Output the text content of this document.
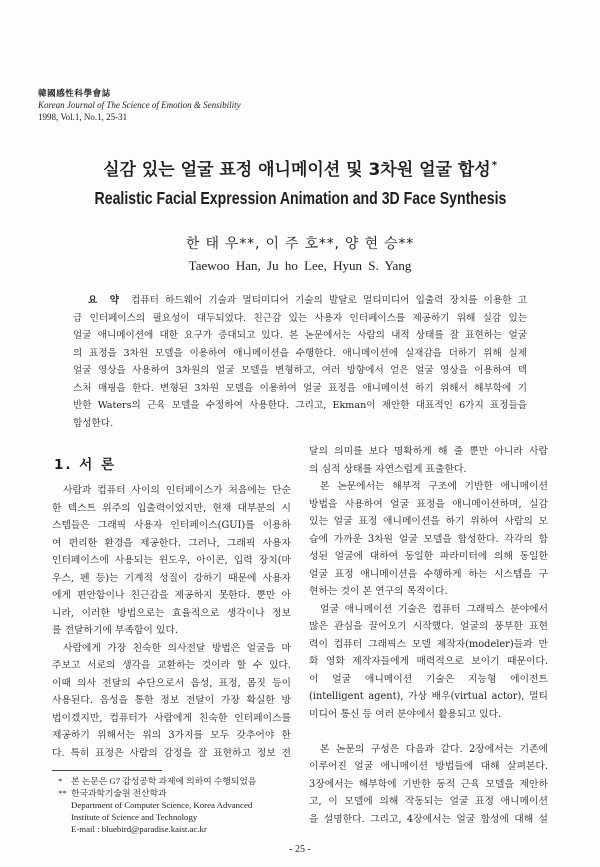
韓國感性科學會誌
Korean Journal of The Science of Emotion & Sensibility
1998, Vol.1, No.1, 25-31
실감 있는 얼굴 표정 애니메이션 및 3차원 얼굴 합성*
Realistic Facial Expression Animation and 3D Face Synthesis
한 태 우**, 이 주 호**, 양 현 승**
Taewoo Han, Ju ho Lee, Hyun S. Yang
요 약 컴퓨터 하드웨어 기술과 멀티미디어 기술의 발달로 멀티미디어 입출력 장치를 이용한 고
급 인터페이스의 필요성이 대두되었다. 친근감 있는 사용자 인터페이스를 제공하기 위해 실감 있는
얼굴 애니메이션에 대한 요구가 증대되고 있다. 본 논문에서는 사람의 내적 상태를 잘 표현하는 얼굴
의 표정을 3차원 모델을 이용하여 애니메이션을 수행한다. 애니메이션에 실재감을 더하기 위해 실제
얼굴 영상을 사용하여 3차원의 얼굴 모델을 변형하고, 여러 방향에서 얻은 얼굴 영상을 이용하여 텍
스처 매핑을 한다. 변형된 3차원 모델을 이용하여 얼굴 표정을 애니메이션 하기 위해서 해부학에 기
반한 Waters의 근육 모델을 수정하여 사용한다. 그리고, Ekman이 제안한 대표적인 6가지 표정들을
합성한다.
1. 서 론
사람과 컴퓨터 사이의 인터페이스가 처음에는 단순
한 텍스트 위주의 입출력이었지만, 현재 대부분의 시
스템들은 그래픽 사용자 인터페이스(GUI)를 이용하
여 편리한 환경을 제공한다. 그러나, 그래픽 사용자
인터페이스에 사용되는 윈도우, 아이콘, 입력 장치(마
우스, 펜 등)는 기계적 성질이 강하기 때문에 사용자
에게 편안함이나 친근감을 제공하지 못한다. 뿐만 아
니라, 이러한 방법으로는 효율적으로 생각이나 정보
를 전달하기에 부족함이 있다.
사람에게 가장 친숙한 의사전달 방법은 얼굴을 마
주보고 서로의 생각을 교환하는 것이라 할 수 있다.
이때 의사 전달의 수단으로서 음성, 표정, 몸짓 등이
사용된다. 음성을 통한 정보 전달이 가장 확실한 방
법이겠지만, 컴퓨터가 사람에게 친숙한 인터페이스를
제공하기 위해서는 위의 3가지를 모두 갖추어야 한
다. 특히 표정은 사람의 감정을 잘 표현하고 정보 전
달의 의미를 보다 명확하게 해 줄 뿐만 아니라 사람
의 심적 상태를 자연스럽게 표출한다.
본 논문에서는 해부적 구조에 기반한 애니메이션
방법을 사용하여 얼굴 표정을 애니메이션하며, 실감
있는 얼굴 표정 애니메이션을 하기 위하여 사람의 모
습에 가까운 3차원 얼굴 모델을 합성한다. 각각의 합
성된 얼굴에 대하여 동일한 파라미터에 의해 동일한
얼굴 표정 애니메이션을 수행하게 하는 시스템을 구
현하는 것이 본 연구의 목적이다.
얼굴 애니메이션 기술은 컴퓨터 그래픽스 분야에서
많은 관심을 끌어오기 시작했다. 얼굴의 풍부한 표현
력이 컴퓨터 그래픽스 모델 제작자(modeler)들과 만
화 영화 제작자들에게 매력적으로 보이기 때문이다.
이 얼굴 애니메이션 기술은 지능형 에이전트
(intelligent agent), 가상 배우(virtual actor), 멀티
미디어 통신 등 여러 분야에서 활용되고 있다.
본 논문의 구성은 다음과 같다. 2장에서는 기존에
이루어진 얼굴 애니메이션 방법들에 대해 살펴본다.
3장에서는 해부학에 기반한 동적 근육 모델을 제안하
고, 이 모델에 의해 작동되는 얼굴 표정 애니메이션
을 설명한다. 그리고, 4장에서는 얼굴 합성에 대해 설
* 본 논문은 G7 감성공학 과제에 의하여 수행되었음
** 한국과학기술원 전산학과
Department of Computer Science, Korea Advanced
Institute of Science and Technology
E-mail : bluebird@paradise.kaist.ac.kr
- 25 -
